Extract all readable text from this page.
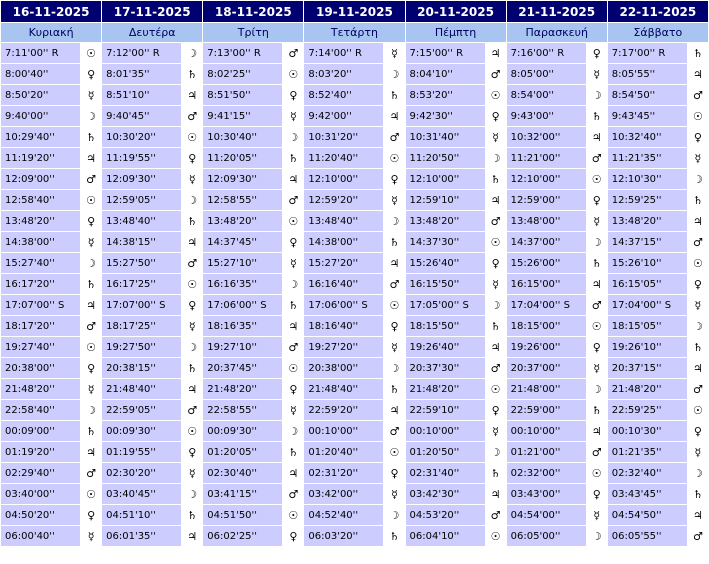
16-11-2025		17-11-2025		18-11-2025		19-11-2025		20-11-2025		21-11-2025		22-11-2025	
Κυριακή		Δευτέρα		Τρίτη		Τετάρτη		Πέμπτη		Παρασκευή		Σάββατο	
7:11'00'' R	☉	7:12'00'' R	☽	7:13'00'' R	♂	7:14'00'' R	☿	7:15'00'' R	♃	7:16'00'' R	♀	7:17'00'' R	♄
8:00'40''	♀	8:01'35''	♄	8:02'25''	☉	8:03'20''	☽	8:04'10''	♂	8:05'00''	☿	8:05'55''	♃
8:50'20''	☿	8:51'10''	♃	8:51'50''	♀	8:52'40''	♄	8:53'20''	☉	8:54'00''	☽	8:54'50''	♂
9:40'00''	☽	9:40'45''	♂	9:41'15''	☿	9:42'00''	♃	9:42'30''	♀	9:43'00''	♄	9:43'45''	☉
10:29'40''	♄	10:30'20''	☉	10:30'40''	☽	10:31'20''	♂	10:31'40''	☿	10:32'00''	♃	10:32'40''	♀
11:19'20''	♃	11:19'55''	♀	11:20'05''	♄	11:20'40''	☉	11:20'50''	☽	11:21'00''	♂	11:21'35''	☿
12:09'00''	♂	12:09'30''	☿	12:09'30''	♃	12:10'00''	♀	12:10'00''	♄	12:10'00''	☉	12:10'30''	☽
12:58'40''	☉	12:59'05''	☽	12:58'55''	♂	12:59'20''	☿	12:59'10''	♃	12:59'00''	♀	12:59'25''	♄
13:48'20''	♀	13:48'40''	♄	13:48'20''	☉	13:48'40''	☽	13:48'20''	♂	13:48'00''	☿	13:48'20''	♃
14:38'00''	☿	14:38'15''	♃	14:37'45''	♀	14:38'00''	♄	14:37'30''	☉	14:37'00''	☽	14:37'15''	♂
15:27'40''	☽	15:27'50''	♂	15:27'10''	☿	15:27'20''	♃	15:26'40''	♀	15:26'00''	♄	15:26'10''	☉
16:17'20''	♄	16:17'25''	☉	16:16'35''	☽	16:16'40''	♂	16:15'50''	☿	16:15'00''	♃	16:15'05''	♀
17:07'00'' S	♃	17:07'00'' S	♀	17:06'00'' S	♄	17:06'00'' S	☉	17:05'00'' S	☽	17:04'00'' S	♂	17:04'00'' S	☿
18:17'20''	♂	18:17'25''	☿	18:16'35''	♃	18:16'40''	♀	18:15'50''	♄	18:15'00''	☉	18:15'05''	☽
19:27'40''	☉	19:27'50''	☽	19:27'10''	♂	19:27'20''	☿	19:26'40''	♃	19:26'00''	♀	19:26'10''	♄
20:38'00''	♀	20:38'15''	♄	20:37'45''	☉	20:38'00''	☽	20:37'30''	♂	20:37'00''	☿	20:37'15''	♃
21:48'20''	☿	21:48'40''	♃	21:48'20''	♀	21:48'40''	♄	21:48'20''	☉	21:48'00''	☽	21:48'20''	♂
22:58'40''	☽	22:59'05''	♂	22:58'55''	☿	22:59'20''	♃	22:59'10''	♀	22:59'00''	♄	22:59'25''	☉
00:09'00''	♄	00:09'30''	☉	00:09'30''	☽	00:10'00''	♂	00:10'00''	☿	00:10'00''	♃	00:10'30''	♀
01:19'20''	♃	01:19'55''	♀	01:20'05''	♄	01:20'40''	☉	01:20'50''	☽	01:21'00''	♂	01:21'35''	☿
02:29'40''	♂	02:30'20''	☿	02:30'40''	♃	02:31'20''	♀	02:31'40''	♄	02:32'00''	☉	02:32'40''	☽
03:40'00''	☉	03:40'45''	☽	03:41'15''	♂	03:42'00''	☿	03:42'30''	♃	03:43'00''	♀	03:43'45''	♄
04:50'20''	♀	04:51'10''	♄	04:51'50''	☉	04:52'40''	☽	04:53'20''	♂	04:54'00''	☿	04:54'50''	♃
06:00'40''	☿	06:01'35''	♃	06:02'25''	♀	06:03'20''	♄	06:04'10''	☉	06:05'00''	☽	06:05'55''	♂
